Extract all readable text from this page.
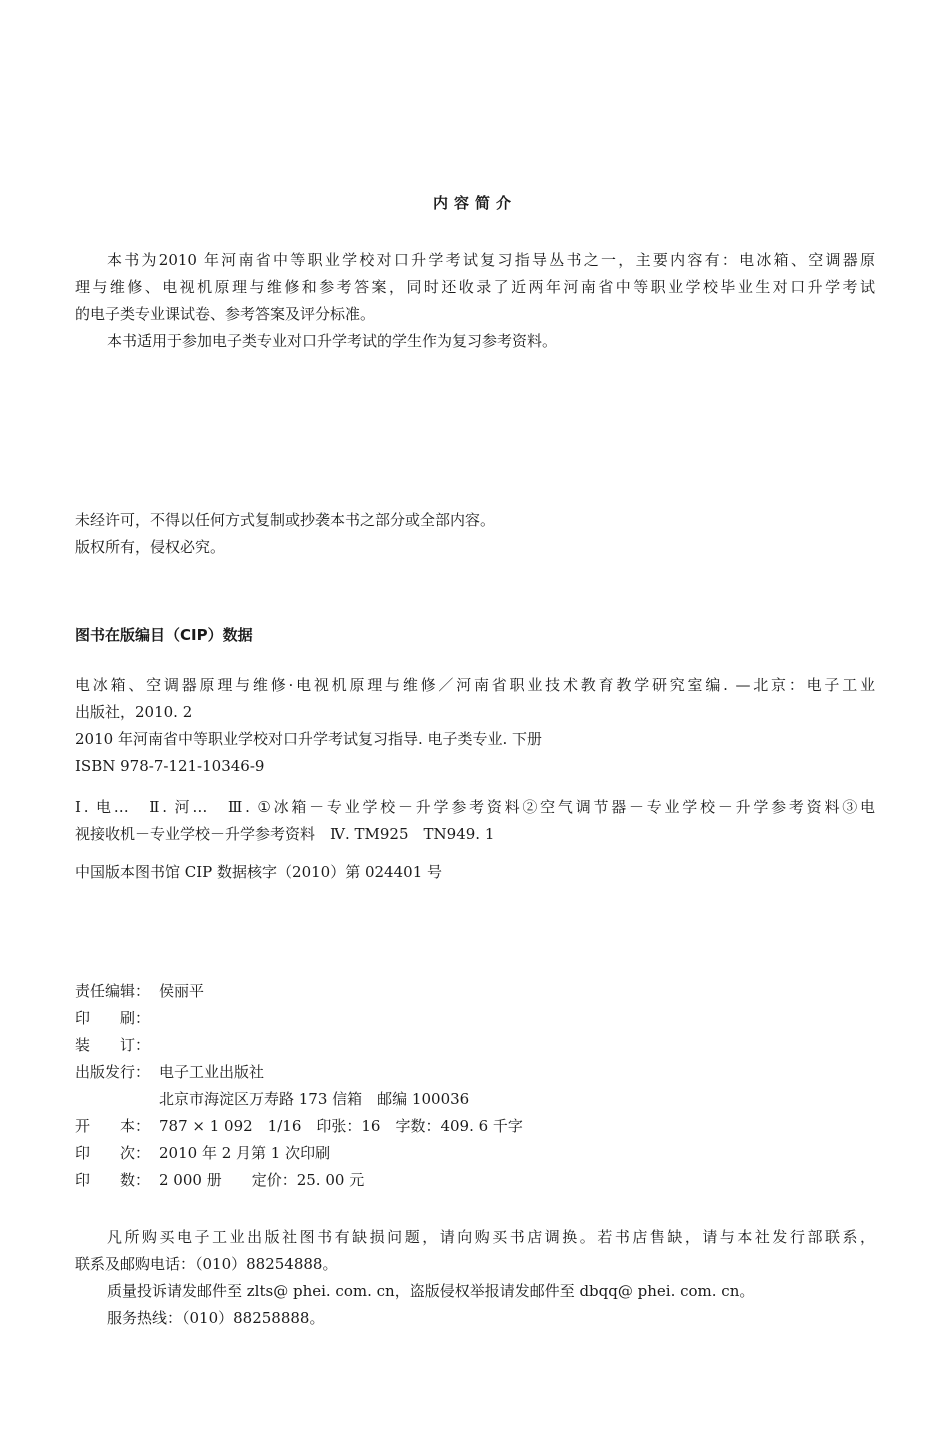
内容简介
本书为2010 年河南省中等职业学校对口升学考试复习指导丛书之一，主要内容有：电冰箱、空调器原
理与维修、电视机原理与维修和参考答案，同时还收录了近两年河南省中等职业学校毕业生对口升学考试
的电子类专业课试卷、参考答案及评分标准。
本书适用于参加电子类专业对口升学考试的学生作为复习参考资料。
未经许可，不得以任何方式复制或抄袭本书之部分或全部内容。
版权所有，侵权必究。
图书在版编目（CIP）数据
电冰箱、空调器原理与维修·电视机原理与维修／河南省职业技术教育教学研究室编. —北京：电子工业
出版社，2010. 2
2010 年河南省中等职业学校对口升学考试复习指导. 电子类专业. 下册
ISBN 978-7-121-10346-9
Ⅰ. 电…　Ⅱ. 河…　Ⅲ. ①冰箱－专业学校－升学参考资料②空气调节器－专业学校－升学参考资料③电
视接收机－专业学校－升学参考资料　Ⅳ. TM925　TN949. 1
中国版本图书馆 CIP 数据核字（2010）第 024401 号
责任编辑： 侯丽平
印　　刷：
装　　订：
出版发行： 电子工业出版社
北京市海淀区万寿路 173 信箱　邮编 100036
开　　本： 787 × 1 092　1/16　印张：16　字数：409. 6 千字
印　　次： 2010 年 2 月第 1 次印刷
印　　数： 2 000 册　　定价：25. 00 元
凡所购买电子工业出版社图书有缺损问题，请向购买书店调换。若书店售缺，请与本社发行部联系，
联系及邮购电话：（010）88254888。
质量投诉请发邮件至 zlts@ phei. com. cn，盗版侵权举报请发邮件至 dbqq@ phei. com. cn。
服务热线：（010）88258888。
